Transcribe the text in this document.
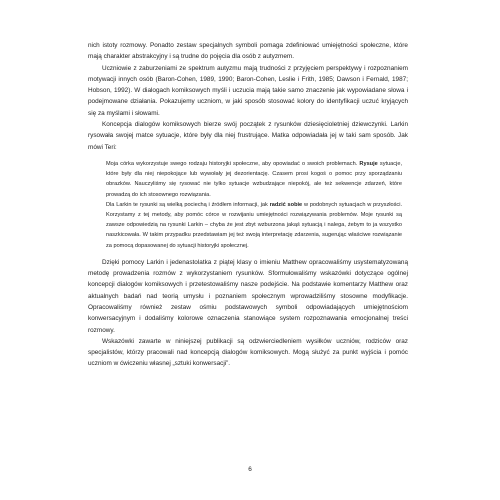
nich istoty rozmowy. Ponadto zestaw specjalnych symboli pomaga zdefiniować umiejętności społeczne, które mają charakter abstrakcyjny i są trudne do pojęcia dla osób z autyzmem.

Uczniowie z zaburzeniami ze spektrum autyzmu mają trudności z przyjęciem perspektywy i rozpoznaniem motywacji innych osób (Baron-Cohen, 1989, 1990; Baron-Cohen, Leslie i Frith, 1985; Dawson i Fernald, 1987; Hobson, 1992). W dialogach komiksowych myśli i uczucia mają takie samo znaczenie jak wypowiadane słowa i podejmowane działania. Pokazujemy uczniom, w jaki sposób stosować kolory do identyfikacji uczuć kryjących się za myślami i słowami.

Koncepcja dialogów komiksowych bierze swój początek z rysunków dziesięcioletniej dziewczynki. Larkin rysowała swojej matce sytuacje, które były dla niej frustrujące. Matka odpowiadała jej w taki sam sposób. Jak mówi Teri:

Moja córka wykorzystuje swego rodzaju historyjki społeczne, aby opowiadać o swoich problemach. Rysuje sytuacje, które były dla niej niepokojące lub wywołały jej dezorientację. Czasem prosi kogoś o pomoc przy sporządzaniu obrazków. Nauczyliśmy się rysować nie tylko sytuacje wzbudzające niepokój, ale też sekwencje zdarzeń, które prowadzą do ich stosownego rozwiązania.

Dla Larkin te rysunki są wielką pociechą i źródłem informacji, jak radzić sobie w podobnych sytuacjach w przyszłości. Korzystamy z tej metody, aby pomóc córce w rozwijaniu umiejętności rozwiązywania problemów. Moje rysunki są zawsze odpowiedzią na rysunki Larkin – chyba że jest zbyt wzburzona jakąś sytuacją i nalega, żebym to ja wszystko naszkicowała. W takim przypadku przedstawiam jej też swoją interpretację zdarzenia, sugerując właściwe rozwiązanie za pomocą dopasowanej do sytuacji historyjki społecznej.

Dzięki pomocy Larkin i jedenastolatka z piątej klasy o imieniu Matthew opracowaliśmy usystematyzowaną metodę prowadzenia rozmów z wykorzystaniem rysunków. Sformułowaliśmy wskazówki dotyczące ogólnej koncepcji dialogów komiksowych i przetestowaliśmy nasze podejście. Na podstawie komentarzy Matthew oraz aktualnych badań nad teorią umysłu i poznaniem społecznym wprowadziliśmy stosowne modyfikacje. Opracowaliśmy również zestaw ośmiu podstawowych symboli odpowiadających umiejętnościom konwersacyjnym i dodaliśmy kolorowe oznaczenia stanowiące system rozpoznawania emocjonalnej treści rozmowy.

Wskazówki zawarte w niniejszej publikacji są odzwierciedleniem wysiłków uczniów, rodziców oraz specjalistów, którzy pracowali nad koncepcją dialogów komiksowych. Mogą służyć za punkt wyjścia i pomóc uczniom w ćwiczeniu własnej „sztuki konwersacji”.

6
